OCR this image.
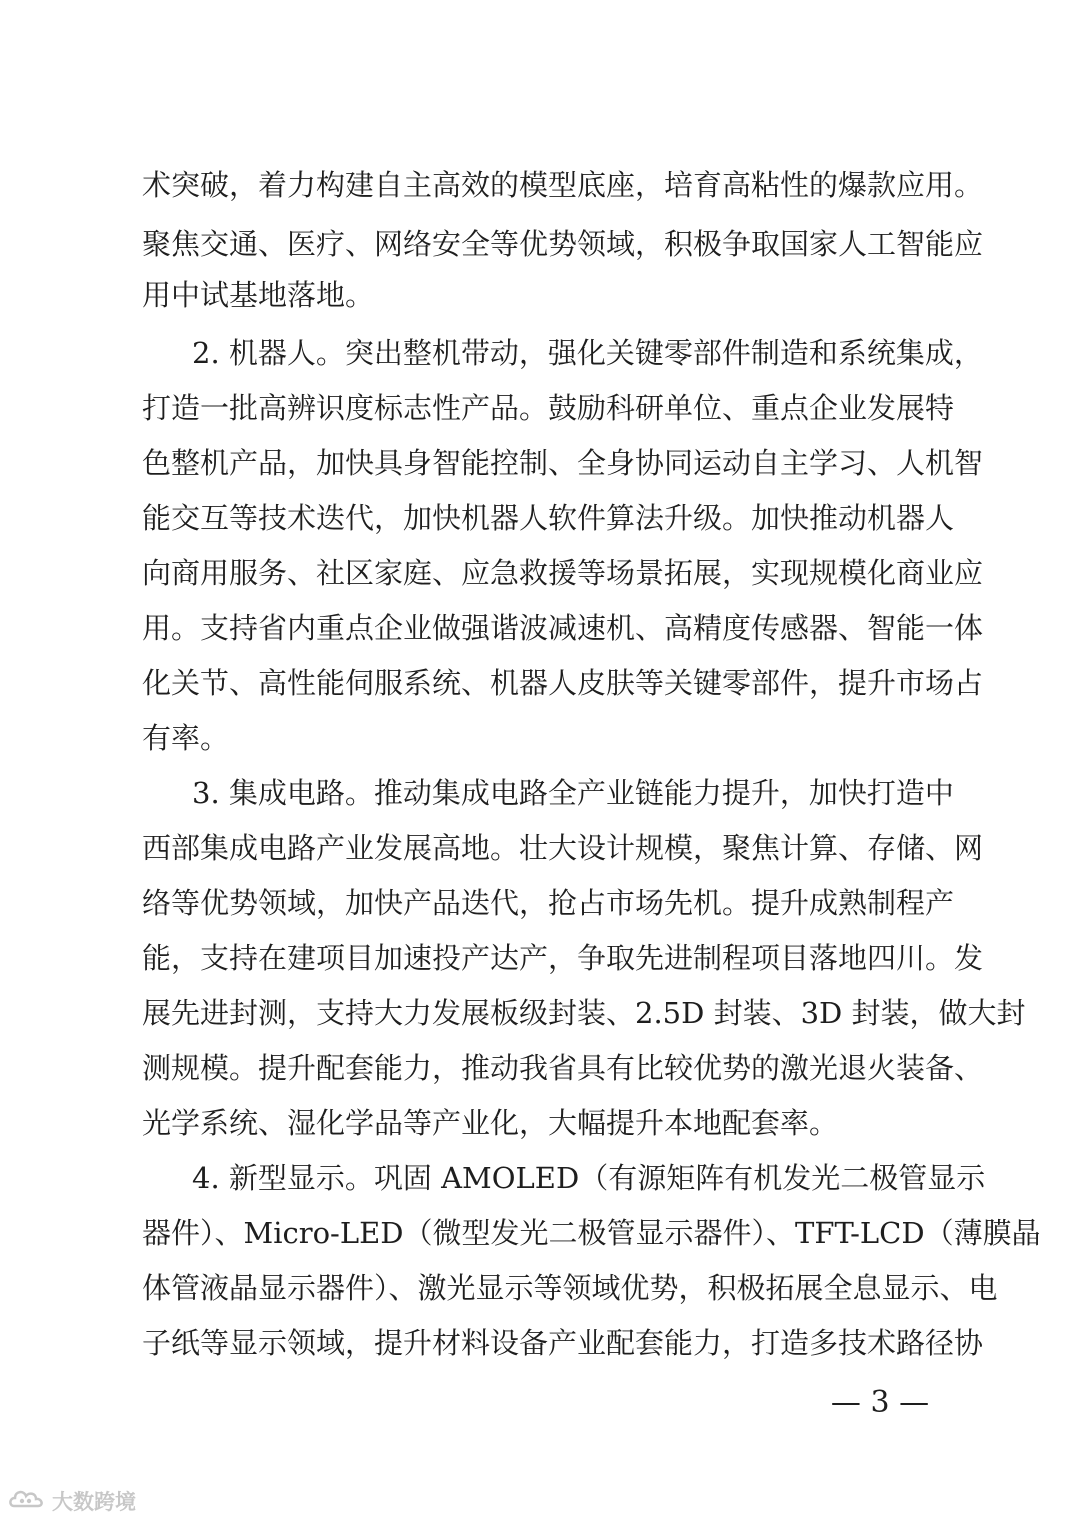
术突破，着力构建自主高效的模型底座，培育高粘性的爆款应用。
聚焦交通、医疗、网络安全等优势领域，积极争取国家人工智能应
用中试基地落地。
2. 机器人。突出整机带动，强化关键零部件制造和系统集成，
打造一批高辨识度标志性产品。鼓励科研单位、重点企业发展特
色整机产品，加快具身智能控制、全身协同运动自主学习、人机智
能交互等技术迭代，加快机器人软件算法升级。加快推动机器人
向商用服务、社区家庭、应急救援等场景拓展，实现规模化商业应
用。支持省内重点企业做强谐波减速机、高精度传感器、智能一体
化关节、高性能伺服系统、机器人皮肤等关键零部件，提升市场占
有率。
3. 集成电路。推动集成电路全产业链能力提升，加快打造中
西部集成电路产业发展高地。壮大设计规模，聚焦计算、存储、网
络等优势领域，加快产品迭代，抢占市场先机。提升成熟制程产
能，支持在建项目加速投产达产，争取先进制程项目落地四川。发
展先进封测，支持大力发展板级封装、2.5D 封装、3D 封装，做大封
测规模。提升配套能力，推动我省具有比较优势的激光退火装备、
光学系统、湿化学品等产业化，大幅提升本地配套率。
4. 新型显示。巩固 AMOLED（有源矩阵有机发光二极管显示
器件）、Micro-LED（微型发光二极管显示器件）、TFT-LCD（薄膜晶
体管液晶显示器件）、激光显示等领域优势，积极拓展全息显示、电
子纸等显示领域，提升材料设备产业配套能力，打造多技术路径协
— 3 —
大数跨境
